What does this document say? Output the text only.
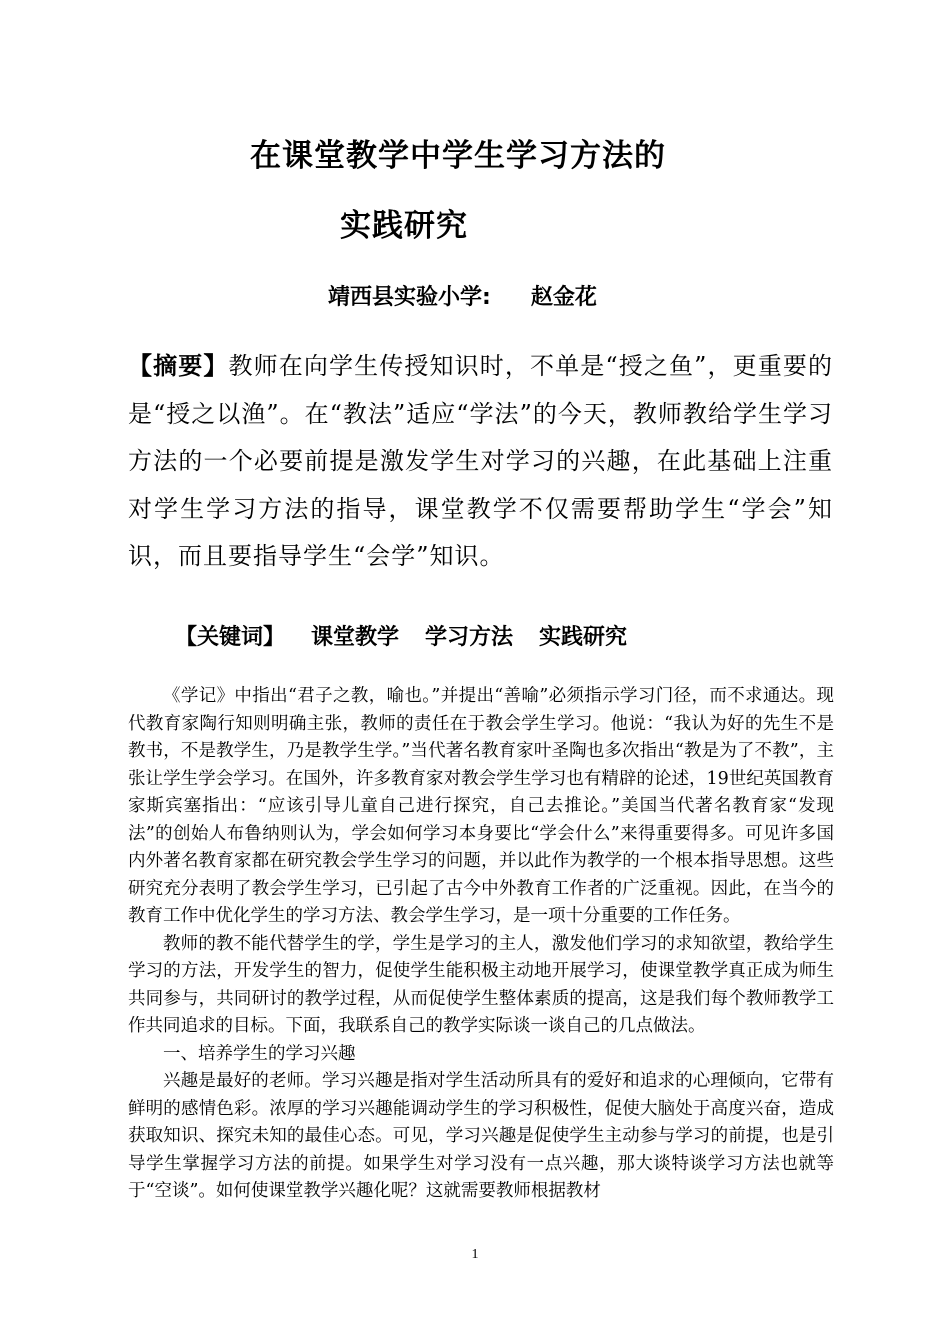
在课堂教学中学生学习方法的
实践研究
靖西县实验小学: 赵金花

【摘要】教师在向学生传授知识时，不单是“授之鱼”，更重要的是“授之以渔”。在“教法”适应“学法”的今天，教师教给学生学习方法的一个必要前提是激发学生对学习的兴趣，在此基础上注重对学生学习方法的指导，课堂教学不仅需要帮助学生“学会”知识，而且要指导学生“会学”知识。

【关键词】 课堂教学 学习方法 实践研究

《学记》中指出“君子之教，喻也。”并提出“善喻”必须指示学习门径，而不求通达。现代教育家陶行知则明确主张，教师的责任在于教会学生学习。他说：“我认为好的先生不是教书，不是教学生，乃是教学生学。”当代著名教育家叶圣陶也多次指出“教是为了不教”，主张让学生学会学习。在国外，许多教育家对教会学生学习也有精辟的论述，19世纪英国教育家斯宾塞指出：“应该引导儿童自己进行探究，自己去推论。”美国当代著名教育家“发现法”的创始人布鲁纳则认为，学会如何学习本身要比“学会什么”来得重要得多。可见许多国内外著名教育家都在研究教会学生学习的问题，并以此作为教学的一个根本指导思想。这些研究充分表明了教会学生学习，已引起了古今中外教育工作者的广泛重视。因此，在当今的教育工作中优化学生的学习方法、教会学生学习，是一项十分重要的工作任务。

教师的教不能代替学生的学，学生是学习的主人，激发他们学习的求知欲望，教给学生学习的方法，开发学生的智力，促使学生能积极主动地开展学习，使课堂教学真正成为师生共同参与，共同研讨的教学过程，从而促使学生整体素质的提高，这是我们每个教师教学工作共同追求的目标。下面，我联系自己的教学实际谈一谈自己的几点做法。

一、培养学生的学习兴趣

兴趣是最好的老师。学习兴趣是指对学生活动所具有的爱好和追求的心理倾向，它带有鲜明的感情色彩。浓厚的学习兴趣能调动学生的学习积极性，促使大脑处于高度兴奋，造成获取知识、探究未知的最佳心态。可见，学习兴趣是促使学生主动参与学习的前提，也是引导学生掌握学习方法的前提。如果学生对学习没有一点兴趣，那大谈特谈学习方法也就等于“空谈”。如何使课堂教学兴趣化呢？这就需要教师根据教材

1
